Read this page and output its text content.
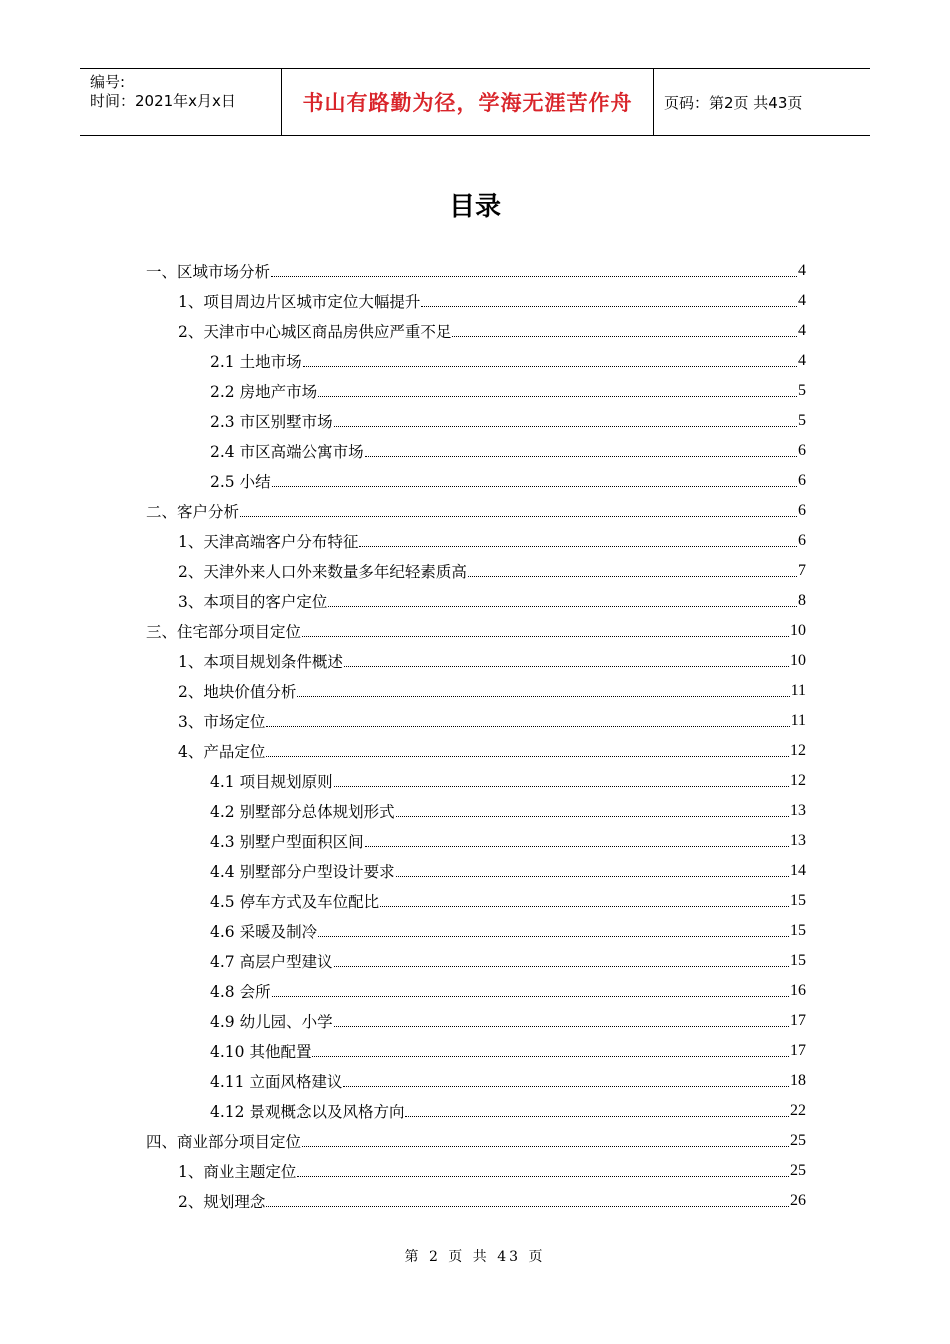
编号:
时间：2021年x月x日	书山有路勤为径，学海无涯苦作舟 页码：第2页 共43页
目录
一、区域市场分析	4
1、项目周边片区城市定位大幅提升	4
2、天津市中心城区商品房供应严重不足	4
2.1 土地市场	4
2.2 房地产市场	5
2.3 市区别墅市场	5
2.4 市区高端公寓市场	6
2.5 小结	6
二、客户分析	6
1、天津高端客户分布特征	6
2、天津外来人口外来数量多年纪轻素质高	7
3、本项目的客户定位	8
三、住宅部分项目定位	10
1、本项目规划条件概述	10
2、地块价值分析	11
3、市场定位	11
4、产品定位	12
4.1 项目规划原则	12
4.2 别墅部分总体规划形式	13
4.3 别墅户型面积区间	13
4.4 别墅部分户型设计要求	14
4.5 停车方式及车位配比	15
4.6 采暖及制冷	15
4.7 高层户型建议	15
4.8 会所	16
4.9 幼儿园、小学	17
4.10 其他配置	17
4.11 立面风格建议	18
4.12 景观概念以及风格方向	22
四、商业部分项目定位	25
1、商业主题定位	25
2、规划理念	26
第 2 页 共 43 页
